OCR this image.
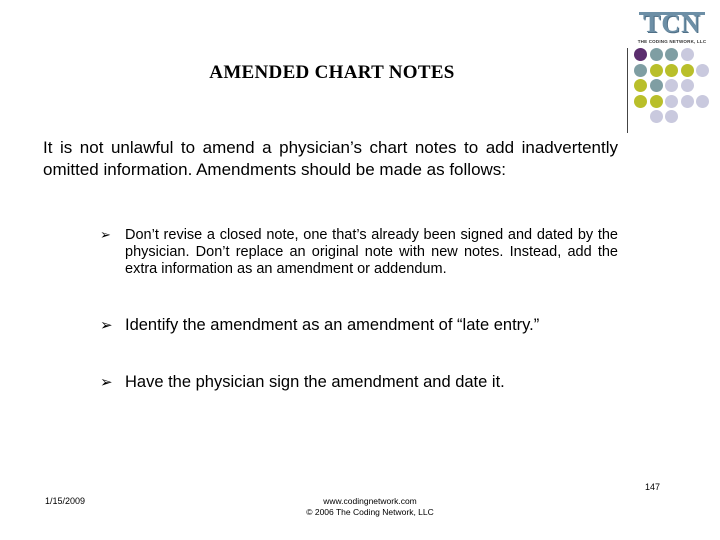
TCN
THE CODING NETWORK, LLC
AMENDED CHART NOTES
It is not unlawful to amend a physician’s chart notes to add inadvertently omitted information. Amendments should be made as follows:
➢ Don’t revise a closed note, one that’s already been signed and dated by the physician. Don’t replace an original note with new notes. Instead, add the extra information as an amendment or addendum.
➢ Identify the amendment as an amendment of “late entry.”
➢ Have the physician sign the amendment and date it.
147
1/15/2009	www.codingnetwork.com
© 2006 The Coding Network, LLC
